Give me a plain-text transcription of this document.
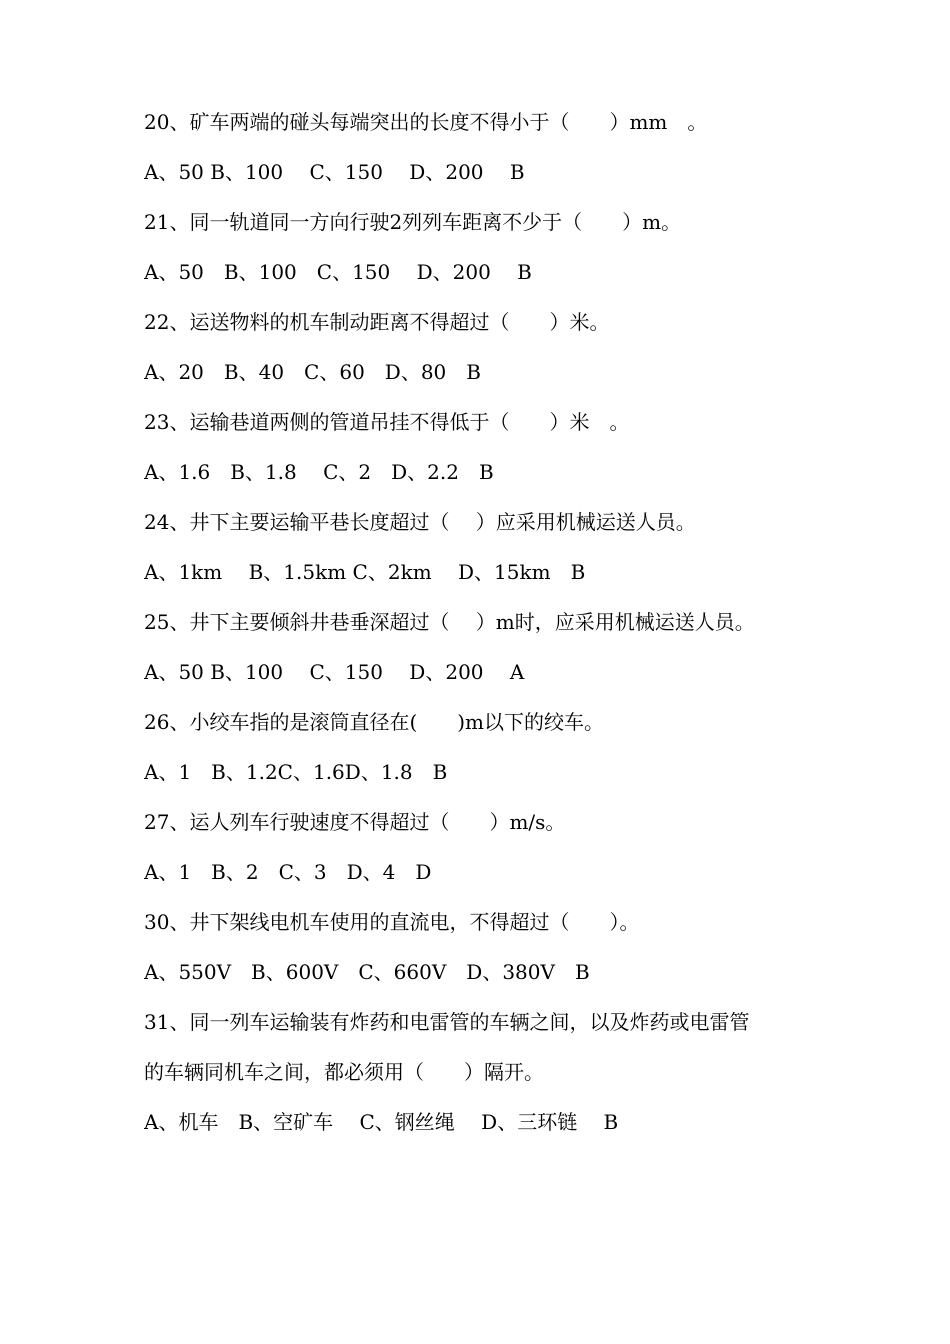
20、矿车两端的碰头每端突出的长度不得小于（　　）mm　。
A、50 B、100　 C、150　 D、200　 B
21、同一轨道同一方向行驶2列列车距离不少于（　　）m。
A、50　B、100　C、150　 D、200　 B
22、运送物料的机车制动距离不得超过（　　）米。
A、20　B、40　C、60　D、80　B
23、运输巷道两侧的管道吊挂不得低于（　　）米　。
A、1.6　B、1.8　 C、2　D、2.2　B
24、井下主要运输平巷长度超过（　 ）应采用机械运送人员。
A、1km　 B、1.5km C、2km　 D、15km　B
25、井下主要倾斜井巷垂深超过（　 ）m时，应采用机械运送人员。
A、50 B、100　 C、150　 D、200　 A
26、小绞车指的是滚筒直径在(　　)m以下的绞车。
A、1　B、1.2C、1.6D、1.8　B
27、运人列车行驶速度不得超过（　　）m/s。
A、1　B、2　C、3　D、4　D
30、井下架线电机车使用的直流电，不得超过（　　）。
A、550V　B、600V　C、660V　D、380V　B
31、同一列车运输装有炸药和电雷管的车辆之间，以及炸药或电雷管
的车辆同机车之间，都必须用（　　）隔开。
A、机车　B、空矿车　 C、钢丝绳　 D、三环链　 B
